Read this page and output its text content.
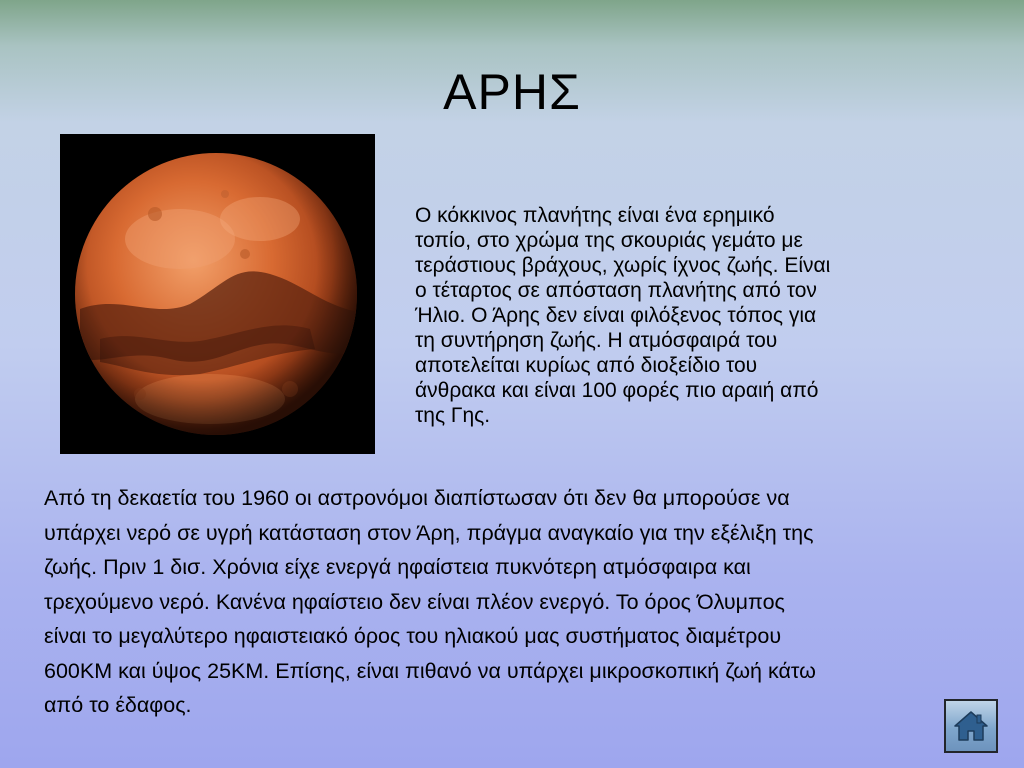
ΑΡΗΣ
Ο κόκκινος πλανήτης είναι ένα ερημικό
τοπίο, στο χρώμα της σκουριάς γεμάτο με
τεράστιους βράχους, χωρίς ίχνος ζωής. Είναι
ο τέταρτος σε απόσταση πλανήτης από τον
Ήλιο. Ο Άρης δεν είναι φιλόξενος τόπος για
τη συντήρηση ζωής. Η ατμόσφαιρά του
αποτελείται κυρίως από διοξείδιο του
άνθρακα και είναι 100 φορές πιο αραιή από
της Γης.
Από τη δεκαετία του 1960 οι αστρονόμοι διαπίστωσαν ότι δεν θα μπορούσε να
υπάρχει νερό σε υγρή κατάσταση στον Άρη, πράγμα αναγκαίο για την εξέλιξη της
ζωής. Πριν 1 δισ. Χρόνια είχε ενεργά ηφαίστεια πυκνότερη ατμόσφαιρα και
τρεχούμενο νερό. Κανένα ηφαίστειο δεν είναι πλέον ενεργό. Το όρος Όλυμπος
είναι το μεγαλύτερο ηφαιστειακό όρος του ηλιακού μας συστήματος διαμέτρου
600ΚΜ και ύψος 25ΚΜ. Επίσης, είναι πιθανό να υπάρχει μικροσκοπική ζωή κάτω
από το έδαφος.
